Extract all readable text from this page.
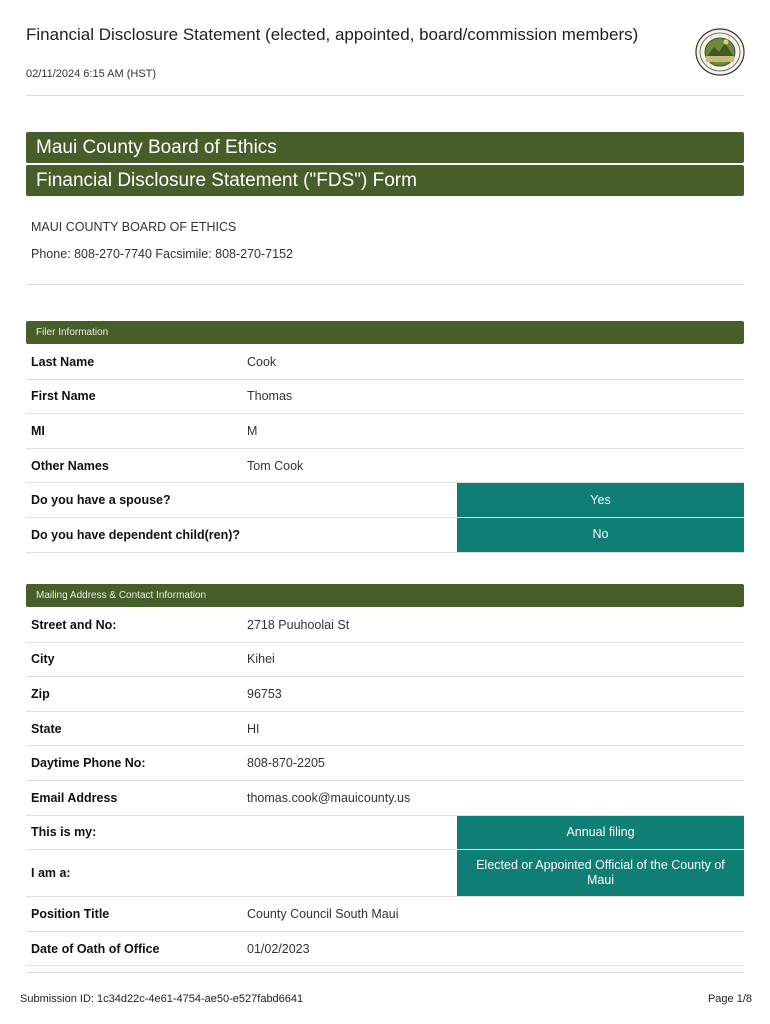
Financial Disclosure Statement (elected, appointed, board/commission members)
02/11/2024 6:15 AM (HST)
Maui County Board of Ethics
Financial Disclosure Statement ("FDS") Form
MAUI COUNTY BOARD OF ETHICS
Phone: 808-270-7740 Facsimile: 808-270-7152
Filer Information
Last Name	Cook
First Name	Thomas
MI	M
Other Names	Tom Cook
Do you have a spouse?	Yes
Do you have dependent child(ren)?	No
Mailing Address & Contact Information
Street and No:	2718 Puuhoolai St
City	Kihei
Zip	96753
State	HI
Daytime Phone No:	808-870-2205
Email Address	thomas.cook@mauicounty.us
This is my:	Annual filing
I am a:
Elected or Appointed Official of the County of Maui
Position Title	County Council South Maui
Date of Oath of Office	01/02/2023
Submission ID: 1c34d22c-4e61-4754-ae50-e527fabd6641	Page 1/8
